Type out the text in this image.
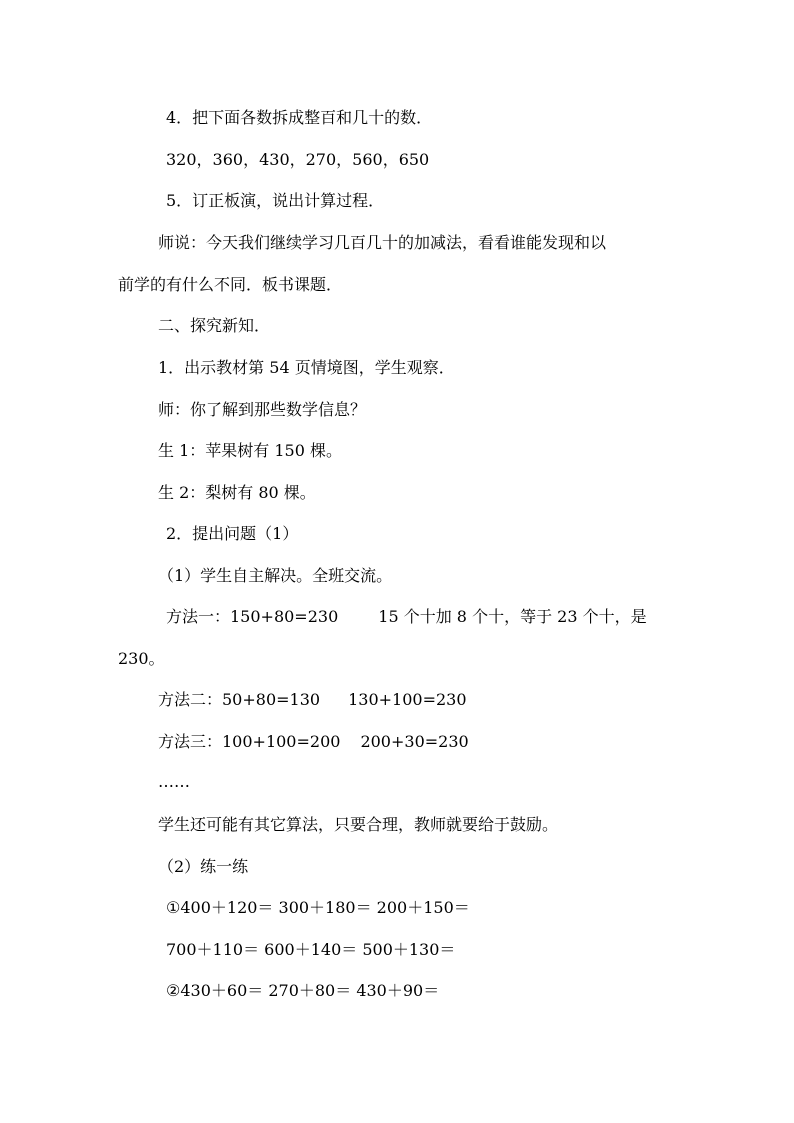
4．把下面各数拆成整百和几十的数．
320，360，430，270，560，650
5．订正板演，说出计算过程．
师说：今天我们继续学习几百几十的加减法，看看谁能发现和以
前学的有什么不同．板书课题．
二、探究新知．
1．出示教材第 54 页情境图，学生观察．
师：你了解到那些数学信息？
生 1：苹果树有 150 棵。
生 2：梨树有 80 棵。
2．提出问题（1）
（1）学生自主解决。全班交流。
方法一：150+80=230	15 个十加 8 个十，等于 23 个十，是
230。
方法二：50+80=130 130+100=230
方法三：100+100=200 200+30=230
……
学生还可能有其它算法，只要合理，教师就要给于鼓励。
（2）练一练
①400＋120＝ 300＋180＝ 200＋150＝
700＋110＝ 600＋140＝ 500＋130＝
②430＋60＝ 270＋80＝ 430＋90＝
